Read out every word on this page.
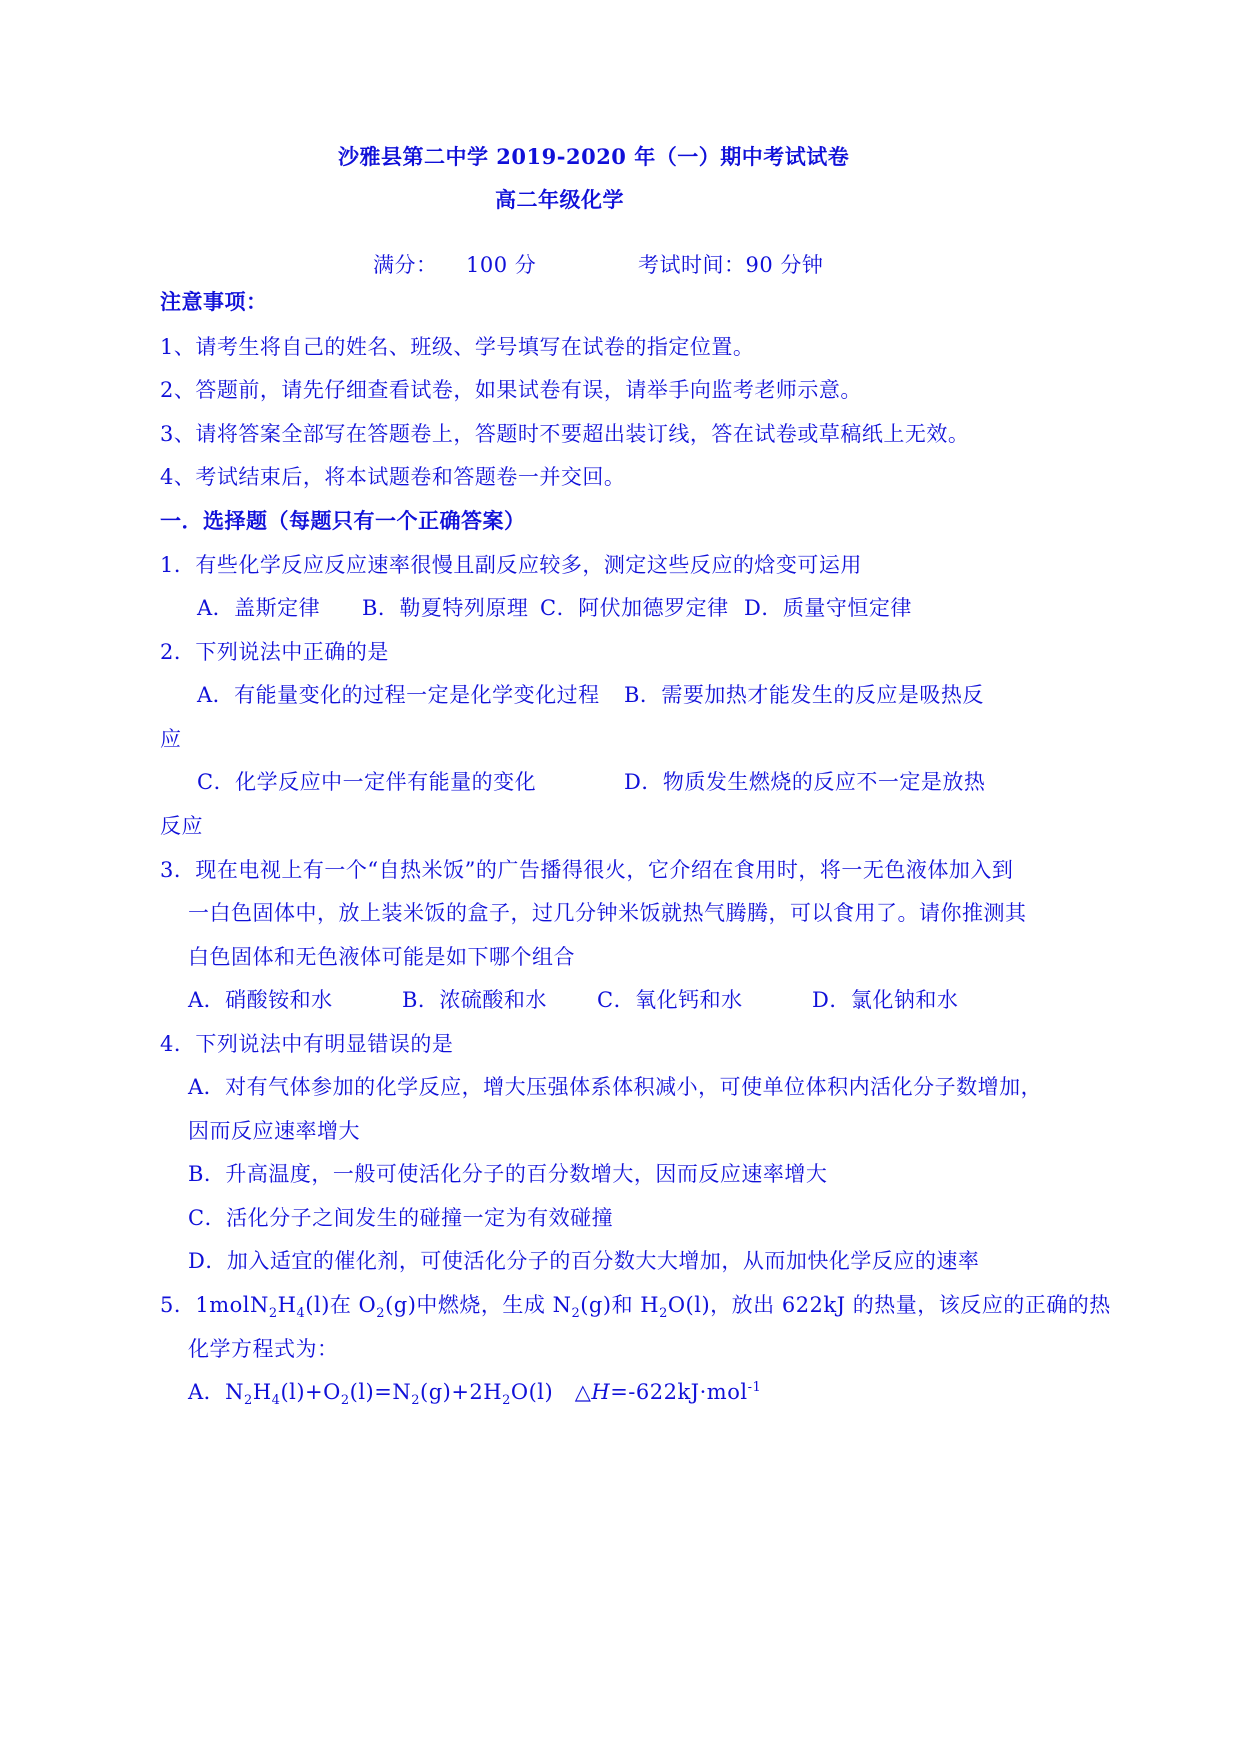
沙雅县第二中学 2019-2020 年（一）期中考试试卷
高二年级化学
满分： 100 分	考试时间：90 分钟
注意事项：
1、请考生将自己的姓名、班级、学号填写在试卷的指定位置。
2、答题前，请先仔细查看试卷，如果试卷有误，请举手向监考老师示意。
3、请将答案全部写在答题卷上，答题时不要超出装订线，答在试卷或草稿纸上无效。
4、考试结束后，将本试题卷和答题卷一并交回。
一．选择题（每题只有一个正确答案）
1．有些化学反应反应速率很慢且副反应较多，测定这些反应的焓变可运用
A．盖斯定律 B．勒夏特列原理 C．阿伏加德罗定律 D．质量守恒定律
2．下列说法中正确的是
A．有能量变化的过程一定是化学变化过程 B．需要加热才能发生的反应是吸热反
应
C．化学反应中一定伴有能量的变化	D．物质发生燃烧的反应不一定是放热
反应
3．现在电视上有一个“自热米饭”的广告播得很火，它介绍在食用时，将一无色液体加入到
一白色固体中，放上装米饭的盒子，过几分钟米饭就热气腾腾，可以食用了。请你推测其
白色固体和无色液体可能是如下哪个组合
A．硝酸铵和水	B．浓硫酸和水 C．氧化钙和水	D．氯化钠和水
4．下列说法中有明显错误的是
A．对有气体参加的化学反应，增大压强体系体积减小，可使单位体积内活化分子数增加，
因而反应速率增大
B．升高温度，一般可使活化分子的百分数增大，因而反应速率增大
C．活化分子之间发生的碰撞一定为有效碰撞
D．加入适宜的催化剂，可使活化分子的百分数大大增加，从而加快化学反应的速率
5．$1molN_2H_4(l)$在 $O_2(g)$中燃烧，生成 $N_2(g)$和 $H_2O(l)$，放出 622kJ 的热量，该反应的正确的热
化学方程式为：
A．$N_2H_4(l)+O_2(l)=N_2(g)+2H_2O(l)$　△H=-622kJ·mol$^{-1}$
